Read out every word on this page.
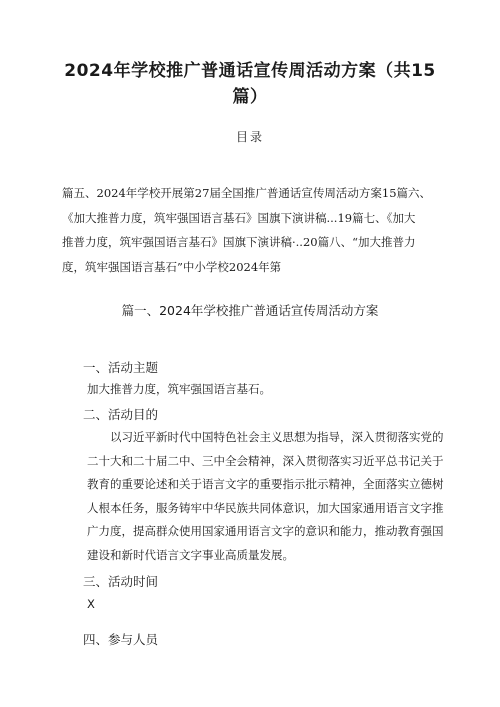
2024年学校推广普通话宣传周活动方案（共15
篇）
目录
篇五、2024年学校开展第27届全国推广普通话宣传周活动方案15篇六、
《加大推普力度，筑牢强国语言基石》国旗下演讲稿...19篇七、《加大
推普力度，筑牢强国语言基石》国旗下演讲稿·..20篇八、“加大推普力
度，筑牢强国语言基石”中小学校2024年第
篇一、2024年学校推广普通话宣传周活动方案
一、活动主题
加大推普力度，筑牢强国语言基石。
二、活动目的
以习近平新时代中国特色社会主义思想为指导，深入贯彻落实党的
二十大和二十届二中、三中全会精神，深入贯彻落实习近平总书记关于
教育的重要论述和关于语言文字的重要指示批示精神，全面落实立德树
人根本任务，服务铸牢中华民族共同体意识，加大国家通用语言文字推
广力度，提高群众使用国家通用语言文字的意识和能力，推动教育强国
建设和新时代语言文字事业高质量发展。
三、活动时间
X
四、参与人员
